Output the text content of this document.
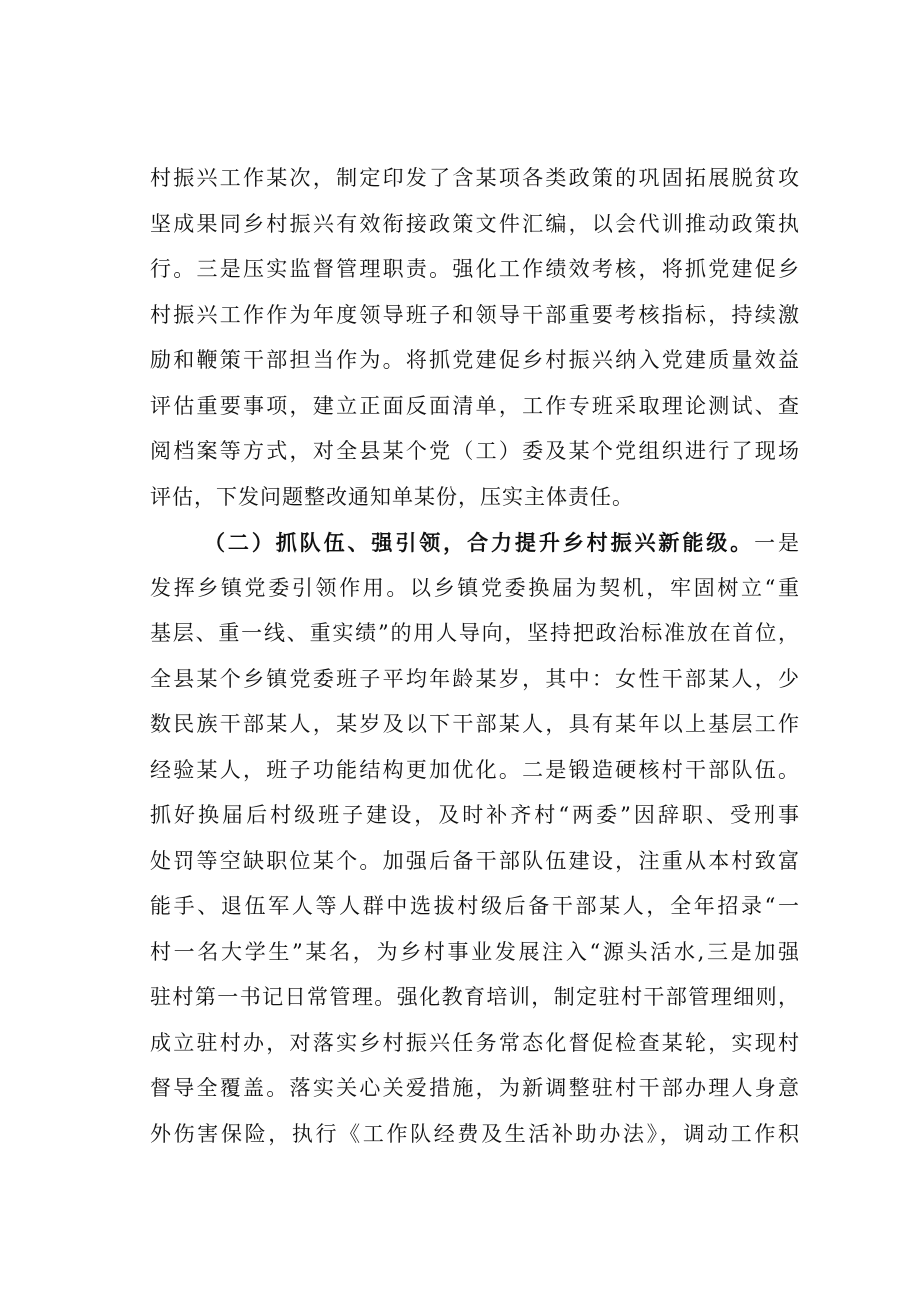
村振兴工作某次，制定印发了含某项各类政策的巩固拓展脱贫攻
坚成果同乡村振兴有效衔接政策文件汇编，以会代训推动政策执
行。三是压实监督管理职责。强化工作绩效考核，将抓党建促乡
村振兴工作作为年度领导班子和领导干部重要考核指标，持续激
励和鞭策干部担当作为。将抓党建促乡村振兴纳入党建质量效益
评估重要事项，建立正面反面清单，工作专班采取理论测试、查
阅档案等方式，对全县某个党（工）委及某个党组织进行了现场
评估，下发问题整改通知单某份，压实主体责任。
（二）抓队伍、强引领，合力提升乡村振兴新能级。一是
发挥乡镇党委引领作用。以乡镇党委换届为契机，牢固树立“重
基层、重一线、重实绩”的用人导向，坚持把政治标准放在首位，
全县某个乡镇党委班子平均年龄某岁，其中：女性干部某人，少
数民族干部某人，某岁及以下干部某人，具有某年以上基层工作
经验某人，班子功能结构更加优化。二是锻造硬核村干部队伍。
抓好换届后村级班子建设，及时补齐村“两委”因辞职、受刑事
处罚等空缺职位某个。加强后备干部队伍建设，注重从本村致富
能手、退伍军人等人群中选拔村级后备干部某人，全年招录“一
村一名大学生”某名，为乡村事业发展注入“源头活水,三是加强
驻村第一书记日常管理。强化教育培训，制定驻村干部管理细则，
成立驻村办，对落实乡村振兴任务常态化督促检查某轮，实现村
督导全覆盖。落实关心关爱措施，为新调整驻村干部办理人身意
外伤害保险，执行《工作队经费及生活补助办法》，调动工作积
